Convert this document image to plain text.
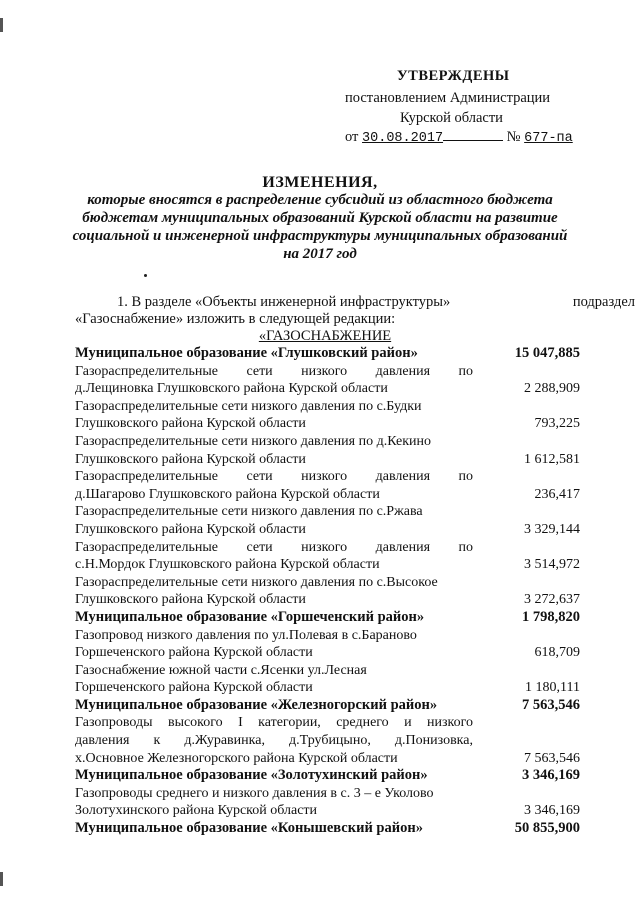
УТВЕРЖДЕНЫ
постановлением Администрации
Курской области
от 30.08.2017	№ 677-па
ИЗМЕНЕНИЯ,
которые вносятся в распределение субсидий из областного бюджета
бюджетам муниципальных образований Курской области на развитие
социальной и инженерной инфраструктуры муниципальных образований
на 2017 год
1. В разделе «Объекты инженерной инфраструктуры»	подраздел
«Газоснабжение» изложить в следующей редакции:
«ГАЗОСНАБЖЕНИЕ
Муниципальное образование «Глушковский район»	15 047,885
Газораспределительные сети низкого давления по
д.Лещиновка Глушковского района Курской области	2 288,909
Газораспределительные сети низкого давления по с.Будки
Глушковского района Курской области	793,225
Газораспределительные сети низкого давления по д.Кекино
Глушковского района Курской области	1 612,581
Газораспределительные сети низкого давления по
д.Шагарово Глушковского района Курской области	236,417
Газораспределительные сети низкого давления по с.Ржава
Глушковского района Курской области	3 329,144
Газораспределительные сети низкого давления по
с.Н.Мордок Глушковского района Курской области	3 514,972
Газораспределительные сети низкого давления по с.Высокое
Глушковского района Курской области	3 272,637
Муниципальное образование «Горшеченский район»	1 798,820
Газопровод низкого давления по ул.Полевая в с.Бараново
Горшеченского района Курской области	618,709
Газоснабжение южной части с.Ясенки ул.Лесная
Горшеченского района Курской области	1 180,111
Муниципальное образование «Железногорский район»	7 563,546
Газопроводы высокого I категории, среднего и низкого
давления к д.Журавинка, д.Трубицыно, д.Понизовка,
х.Основное Железногорского района Курской области	7 563,546
Муниципальное образование «Золотухинский район»	3 346,169
Газопроводы среднего и низкого давления в с. 3 – е Уколово
Золотухинского района Курской области	3 346,169
Муниципальное образование «Конышевский район»	50 855,900
